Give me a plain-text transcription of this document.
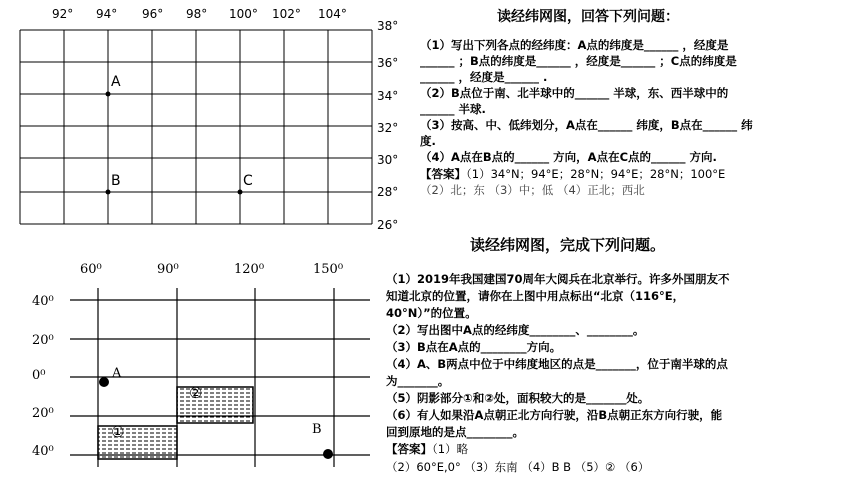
92° 94° 96° 98° 100° 102° 104°
38°
36°
34°
32°
30°
28°
26°
A
B	C
读经纬网图，回答下列问题：
（1）写出下列各点的经纬度：A点的纬度是______ ，经度是
______ ；B点的纬度是______ ，经度是______ ；C点的纬度是
______ ，经度是______ .
（2）B点位于南、北半球中的______ 半球，东、西半球中的
______ 半球.
（3）按高、中、低纬划分，A点在______ 纬度，B点在______ 纬
度.
（4）A点在B点的______ 方向，A点在C点的______ 方向.
【答案】（1）34°N；94°E；28°N；94°E；28°N；100°E
（2）北；东 （3）中；低 （4）正北；西北
60⁰	90⁰	120⁰	150⁰
40⁰
20⁰
0⁰
20⁰
40⁰
A
B
①
②
读经纬网图，完成下列问题。
（1）2019年我国建国70周年大阅兵在北京举行。许多外国朋友不
知道北京的位置，请你在上图中用点标出“北京（116°E，
40°N）”的位置。
（2）写出图中A点的经纬度________、________。
（3）B点在A点的________方向。
（4）A、B两点中位于中纬度地区的点是_______，位于南半球的点
为_______。
（5）阴影部分①和②处，面积较大的是_______处。
（6）有人如果沿A点朝正北方向行驶，沿B点朝正东方向行驶，能
回到原地的是点________。
【答案】（1）略
（2）60°E,0° （3）东南 （4）B B （5）② （6）
